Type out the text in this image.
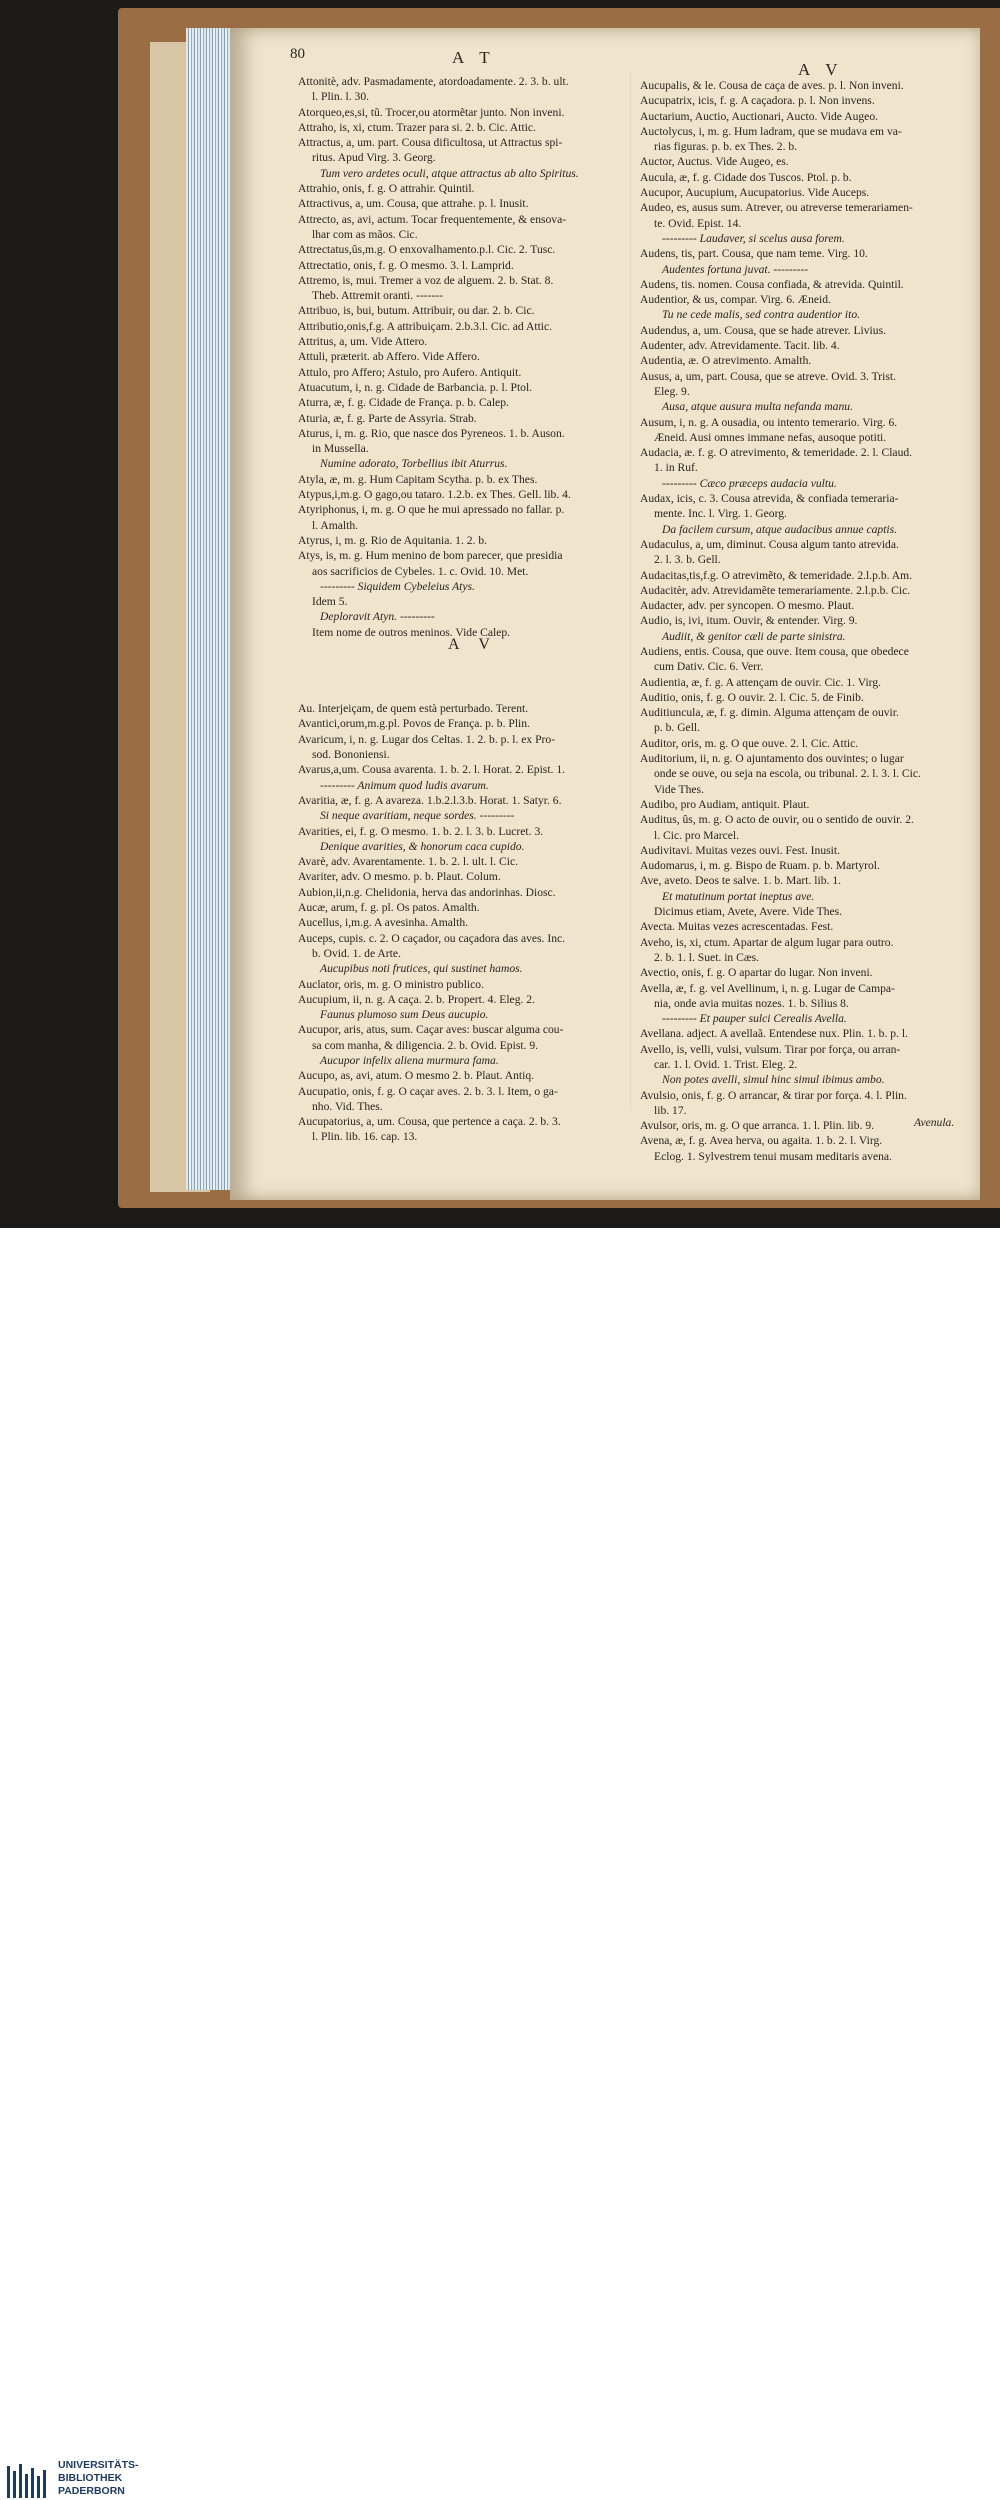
80	A T
A V
Attonitè, adv. Pasmadamente, atordoadamente. 2. 3. b. ult.
l. Plin. l. 30.
Atorqueo,es,si, tũ. Trocer,ou atormẽtar junto. Non inveni.
Attraho, is, xi, ctum. Trazer para si. 2. b. Cic. Attic.
Attractus, a, um. part. Cousa dificultosa, ut Attractus spi-
ritus. Apud Virg. 3. Georg.
Tum vero ardetes oculi, atque attractus ab alto Spiritus.
Attrahio, onis, f. g. O attrahir. Quintil.
Attractivus, a, um. Cousa, que attrahe. p. l. Inusit.
Attrecto, as, avi, actum. Tocar frequentemente, & ensova-
lhar com as mãos. Cic.
Attrectatus,ûs,m.g. O enxovalhamento.p.l. Cic. 2. Tusc.
Attrectatio, onis, f. g. O mesmo. 3. l. Lamprid.
Attremo, is, mui. Tremer a voz de alguem. 2. b. Stat. 8.
Theb. Attremit oranti. -------
Attribuo, is, bui, butum. Attribuir, ou dar. 2. b. Cic.
Attributio,onis,f.g. A attribuiçam. 2.b.3.l. Cic. ad Attic.
Attritus, a, um. Vide Attero.
Attuli, præterit. ab Affero. Vide Affero.
Attulo, pro Affero; Astulo, pro Aufero. Antiquit.
Atuacutum, i, n. g. Cidade de Barbancia. p. l. Ptol.
Aturra, æ, f. g. Cidade de França. p. b. Calep.
Aturia, æ, f. g. Parte de Assyria. Strab.
Aturus, i, m. g. Rio, que nasce dos Pyreneos. 1. b. Auson.
in Mussella.
Numine adorato, Torbellius ibit Aturrus.
Atyla, æ, m. g. Hum Capitam Scytha. p. b. ex Thes.
Atypus,i,m.g. O gago,ou tataro. 1.2.b. ex Thes. Gell. lib. 4.
Atyriphonus, i, m. g. O que he mui apressado no fallar. p.
l. Amalth.
Atyrus, i, m. g. Rio de Aquitania. 1. 2. b.
Atys, is, m. g. Hum menino de bom parecer, que presidia
aos sacrificios de Cybeles. 1. c. Ovid. 10. Met.
--------- Siquidem Cybeleius Atys.
Idem 5.
Deploravit Atyn. ---------
Item nome de outros meninos. Vide Calep.
Au. Interjeiçam, de quem està perturbado. Terent.
Avantici,orum,m.g.pl. Povos de França. p. b. Plin.
Avaricum, i, n. g. Lugar dos Celtas. 1. 2. b. p. l. ex Pro-
sod. Bononiensi.
Avarus,a,um. Cousa avarenta. 1. b. 2. l. Horat. 2. Epist. 1.
--------- Animum quod ludis avarum.
Avaritia, æ, f. g. A avareza. 1.b.2.l.3.b. Horat. 1. Satyr. 6.
Si neque avaritiam, neque sordes. ---------
Avarities, ei, f. g. O mesmo. 1. b. 2. l. 3. b. Lucret. 3.
Denique avarities, & honorum caca cupido.
Avarè, adv. Avarentamente. 1. b. 2. l. ult. l. Cic.
Avariter, adv. O mesmo. p. b. Plaut. Colum.
Aubion,ii,n.g. Chelidonia, herva das andorinhas. Diosc.
Aucæ, arum, f. g. pl. Os patos. Amalth.
Aucellus, i,m.g. A avesinha. Amalth.
Auceps, cupis. c. 2. O caçador, ou caçadora das aves. Inc.
b. Ovid. 1. de Arte.
Aucupibus noti frutices, qui sustinet hamos.
Auclator, oris, m. g. O ministro publico.
Aucupium, ii, n. g. A caça. 2. b. Propert. 4. Eleg. 2.
Faunus plumoso sum Deus aucupio.
Aucupor, aris, atus, sum. Caçar aves: buscar alguma cou-
sa com manha, & diligencia. 2. b. Ovid. Epist. 9.
Aucupor infelix aliena murmura fama.
Aucupo, as, avi, atum. O mesmo 2. b. Plaut. Antiq.
Aucupatio, onis, f. g. O caçar aves. 2. b. 3. l. Item, o ga-
nho. Vid. Thes.
Aucupatorius, a, um. Cousa, que pertence a caça. 2. b. 3.
l. Plin. lib. 16. cap. 13.
Aucupalis, & le. Cousa de caça de aves. p. l. Non inveni.
Aucupatrix, icis, f. g. A caçadora. p. l. Non invens.
Auctarium, Auctio, Auctionari, Aucto. Vide Augeo.
Auctolycus, i, m. g. Hum ladram, que se mudava em va-
rias figuras. p. b. ex Thes. 2. b.
Auctor, Auctus. Vide Augeo, es.
Aucula, æ, f. g. Cidade dos Tuscos. Ptol. p. b.
Aucupor, Aucupium, Aucupatorius. Vide Auceps.
Audeo, es, ausus sum. Atrever, ou atreverse temerariamen-
te. Ovid. Epist. 14.
--------- Laudaver, si scelus ausa forem.
Audens, tis, part. Cousa, que nam teme. Virg. 10.
Audentes fortuna juvat. ---------
Audens, tis. nomen. Cousa confiada, & atrevida. Quintil.
Audentior, & us, compar. Virg. 6. Æneid.
Tu ne cede malis, sed contra audentior ito.
Audendus, a, um. Cousa, que se hade atrever. Livius.
Audenter, adv. Atrevidamente. Tacit. lib. 4.
Audentia, æ. O atrevimento. Amalth.
Ausus, a, um, part. Cousa, que se atreve. Ovid. 3. Trist.
Eleg. 9.
Ausa, atque ausura multa nefanda manu.
Ausum, i, n. g. A ousadia, ou intento temerario. Virg. 6.
Æneid. Ausi omnes immane nefas, ausoque potiti.
Audacia, æ. f. g. O atrevimento, & temeridade. 2. l. Claud.
1. in Ruf.
--------- Cæco præceps audacia vultu.
Audax, icis, c. 3. Cousa atrevida, & confiada temeraria-
mente. Inc. l. Virg. 1. Georg.
Da facilem cursum, atque audacibus annue captis.
Audaculus, a, um, diminut. Cousa algum tanto atrevida.
2. l. 3. b. Gell.
Audacitas,tis,f.g. O atrevimẽto, & temeridade. 2.l.p.b. Am.
Audacitèr, adv. Atrevidamẽte temerariamente. 2.l.p.b. Cic.
Audacter, adv. per syncopen. O mesmo. Plaut.
Audio, is, ivi, itum. Ouvir, & entender. Virg. 9.
Audiit, & genitor cæli de parte sinistra.
Audiens, entis. Cousa, que ouve. Item cousa, que obedece
cum Dativ. Cic. 6. Verr.
Audientia, æ, f. g. A attençam de ouvir. Cic. 1. Virg.
Auditio, onis, f. g. O ouvir. 2. l. Cic. 5. de Finib.
Auditiuncula, æ, f. g. dimin. Alguma attençam de ouvir.
p. b. Gell.
Auditor, oris, m. g. O que ouve. 2. l. Cic. Attic.
Auditorium, ii, n. g. O ajuntamento dos ouvintes; o lugar
onde se ouve, ou seja na escola, ou tribunal. 2. l. 3. l. Cic.
Vide Thes.
Audibo, pro Audiam, antiquit. Plaut.
Auditus, ûs, m. g. O acto de ouvir, ou o sentido de ouvir. 2.
l. Cic. pro Marcel.
Audivitavi. Muitas vezes ouvi. Fest. Inusit.
Audomarus, i, m. g. Bispo de Ruam. p. b. Martyrol.
Ave, aveto. Deos te salve. 1. b. Mart. lib. 1.
Et matutinum portat ineptus ave.
Dicimus etiam, Avete, Avere. Vide Thes.
Avecta. Muitas vezes acrescentadas. Fest.
Aveho, is, xi, ctum. Apartar de algum lugar para outro.
2. b. 1. l. Suet. in Cæs.
Avectio, onis, f. g. O apartar do lugar. Non inveni.
Avella, æ, f. g. vel Avellinum, i, n. g. Lugar de Campa-
nia, onde avia muitas nozes. 1. b. Silius 8.
--------- Et pauper sulci Cerealis Avella.
Avellana. adject. A avellaã. Entendese nux. Plin. 1. b. p. l.
Avello, is, velli, vulsi, vulsum. Tirar por força, ou arran-
car. 1. l. Ovid. 1. Trist. Eleg. 2.
Non potes avelli, simul hinc simul ibimus ambo.
Avulsio, onis, f. g. O arrancar, & tirar por força. 4. l. Plin.
lib. 17.
Avulsor, oris, m. g. O que arranca. 1. l. Plin. lib. 9.
Avena, æ, f. g. Avea herva, ou agaita. 1. b. 2. l. Virg.
Eclog. 1. Sylvestrem tenui musam meditaris avena.
A V
Avenula.
UNIVERSITÄTS-
BIBLIOTHEK
PADERBORN
